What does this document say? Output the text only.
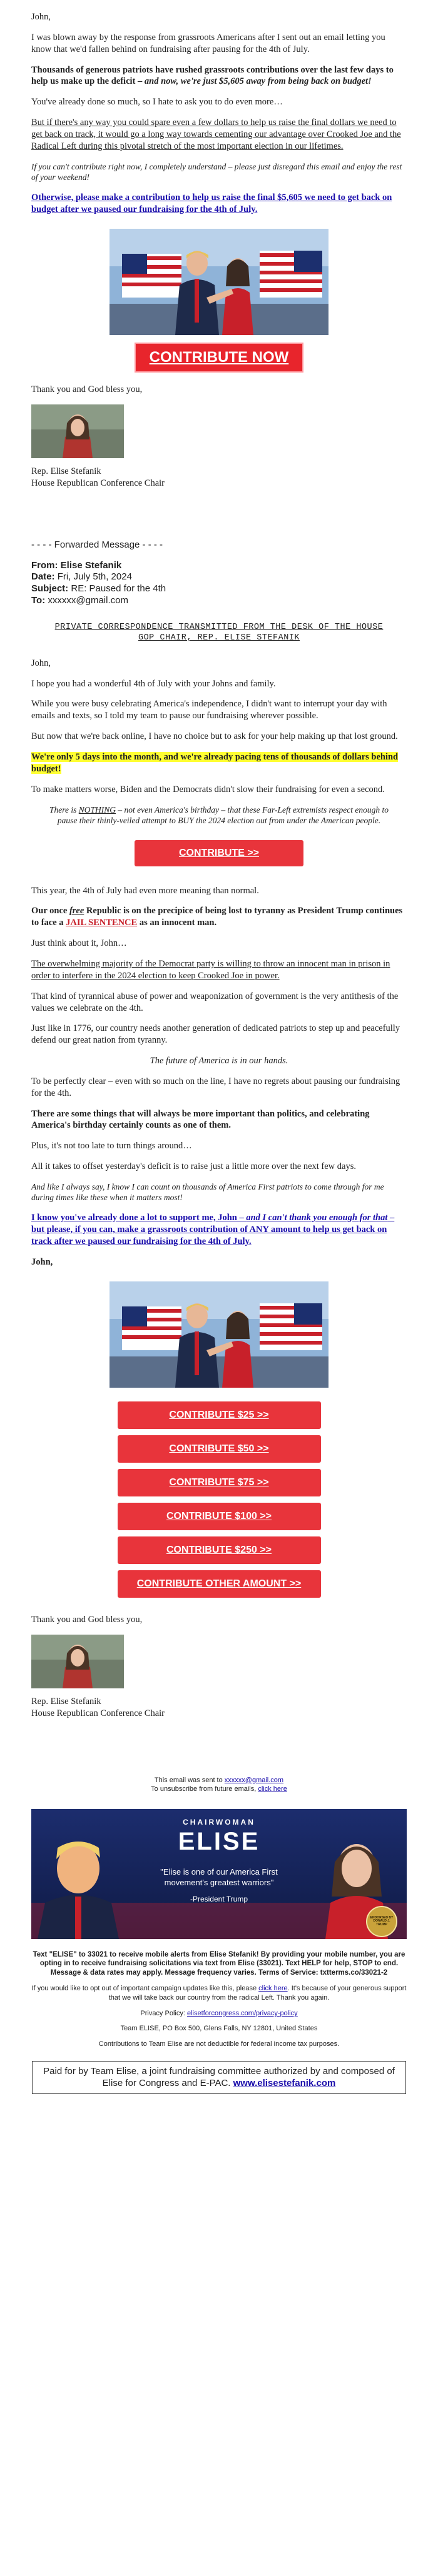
John,

I was blown away by the response from grassroots Americans after I sent out an email letting you know that we'd fallen behind on fundraising after pausing for the 4th of July.

Thousands of generous patriots have rushed grassroots contributions over the last few days to help us make up the deficit – and now, we're just $5,605 away from being back on budget!

You've already done so much, so I hate to ask you to do even more…

But if there's any way you could spare even a few dollars to help us raise the final dollars we need to get back on track, it would go a long way towards cementing our advantage over Crooked Joe and the Radical Left during this pivotal stretch of the most important election in our lifetimes.

If you can't contribute right now, I completely understand – please just disregard this email and enjoy the rest of your weekend!

Otherwise, please make a contribution to help us raise the final $5,605 we need to get back on budget after we paused our fundraising for the 4th of July.

CONTRIBUTE NOW

Thank you and God bless you,

Rep. Elise Stefanik

House Republican Conference Chair

- - - - Forwarded Message - - - -
From: Elise Stefanik
Date: Fri, July 5th, 2024
Subject: RE: Paused for the 4th
To: xxxxxx@gmail.com
PRIVATE CORRESPONDENCE TRANSMITTED FROM THE DESK OF THE HOUSE
GOP CHAIR, REP. ELISE STEFANIK

John,

I hope you had a wonderful 4th of July with your Johns and family.

While you were busy celebrating America's independence, I didn't want to interrupt your day with emails and texts, so I told my team to pause our fundraising wherever possible.

But now that we're back online, I have no choice but to ask for your help making up that lost ground.

We're only 5 days into the month, and we're already pacing tens of thousands of dollars behind budget!

To make matters worse, Biden and the Democrats didn't slow their fundraising for even a second.

There is NOTHING – not even America's birthday – that these Far-Left extremists respect enough to pause their thinly-veiled attempt to BUY the 2024 election out from under the American people.

CONTRIBUTE >>

This year, the 4th of July had even more meaning than normal.

Our once free Republic is on the precipice of being lost to tyranny as President Trump continues to face a JAIL SENTENCE as an innocent man.

Just think about it, John…

The overwhelming majority of the Democrat party is willing to throw an innocent man in prison in order to interfere in the 2024 election to keep Crooked Joe in power.

That kind of tyrannical abuse of power and weaponization of government is the very antithesis of the values we celebrate on the 4th.

Just like in 1776, our country needs another generation of dedicated patriots to step up and peacefully defend our great nation from tyranny.

The future of America is in our hands.

To be perfectly clear – even with so much on the line, I have no regrets about pausing our fundraising for the 4th.

There are some things that will always be more important than politics, and celebrating America's birthday certainly counts as one of them.

Plus, it's not too late to turn things around…

All it takes to offset yesterday's deficit is to raise just a little more over the next few days.

And like I always say, I know I can count on thousands of America First patriots to come through for me during times like these when it matters most!

I know you've already done a lot to support me, John – and I can't thank you enough for that – but please, if you can, make a grassroots contribution of ANY amount to help us get back on track after we paused our fundraising for the 4th of July.

John,

CONTRIBUTE $25 >>
CONTRIBUTE $50 >>
CONTRIBUTE $75 >>
CONTRIBUTE $100 >>
CONTRIBUTE $250 >>
CONTRIBUTE OTHER AMOUNT >>

Thank you and God bless you,

Rep. Elise Stefanik

House Republican Conference Chair

This email was sent to xxxxxx@gmail.com
To unsubscribe from future emails, click here
CHAIRWOMAN
ELISE
"Elise is one of our America First movement's greatest warriors"
-President Trump
ENDORSED BY DONALD J. TRUMP
Text "ELISE" to 33021 to receive mobile alerts from Elise Stefanik! By providing your mobile number, you are opting in to receive fundraising solicitations via text from Elise (33021). Text HELP for help, STOP to end. Message & data rates may apply. Message frequency varies. Terms of Service: txtterms.co/33021-2
If you would like to opt out of important campaign updates like this, please click here. It's because of your generous support that we will take back our country from the radical Left. Thank you again.
Privacy Policy: elisetforcongress.com/privacy-policy
Team ELISE, PO Box 500, Glens Falls, NY 12801, United States
Contributions to Team Elise are not deductible for federal income tax purposes.
Paid for by Team Elise, a joint fundraising committee authorized by and composed of Elise for Congress and E-PAC. www.elisestefanik.com
